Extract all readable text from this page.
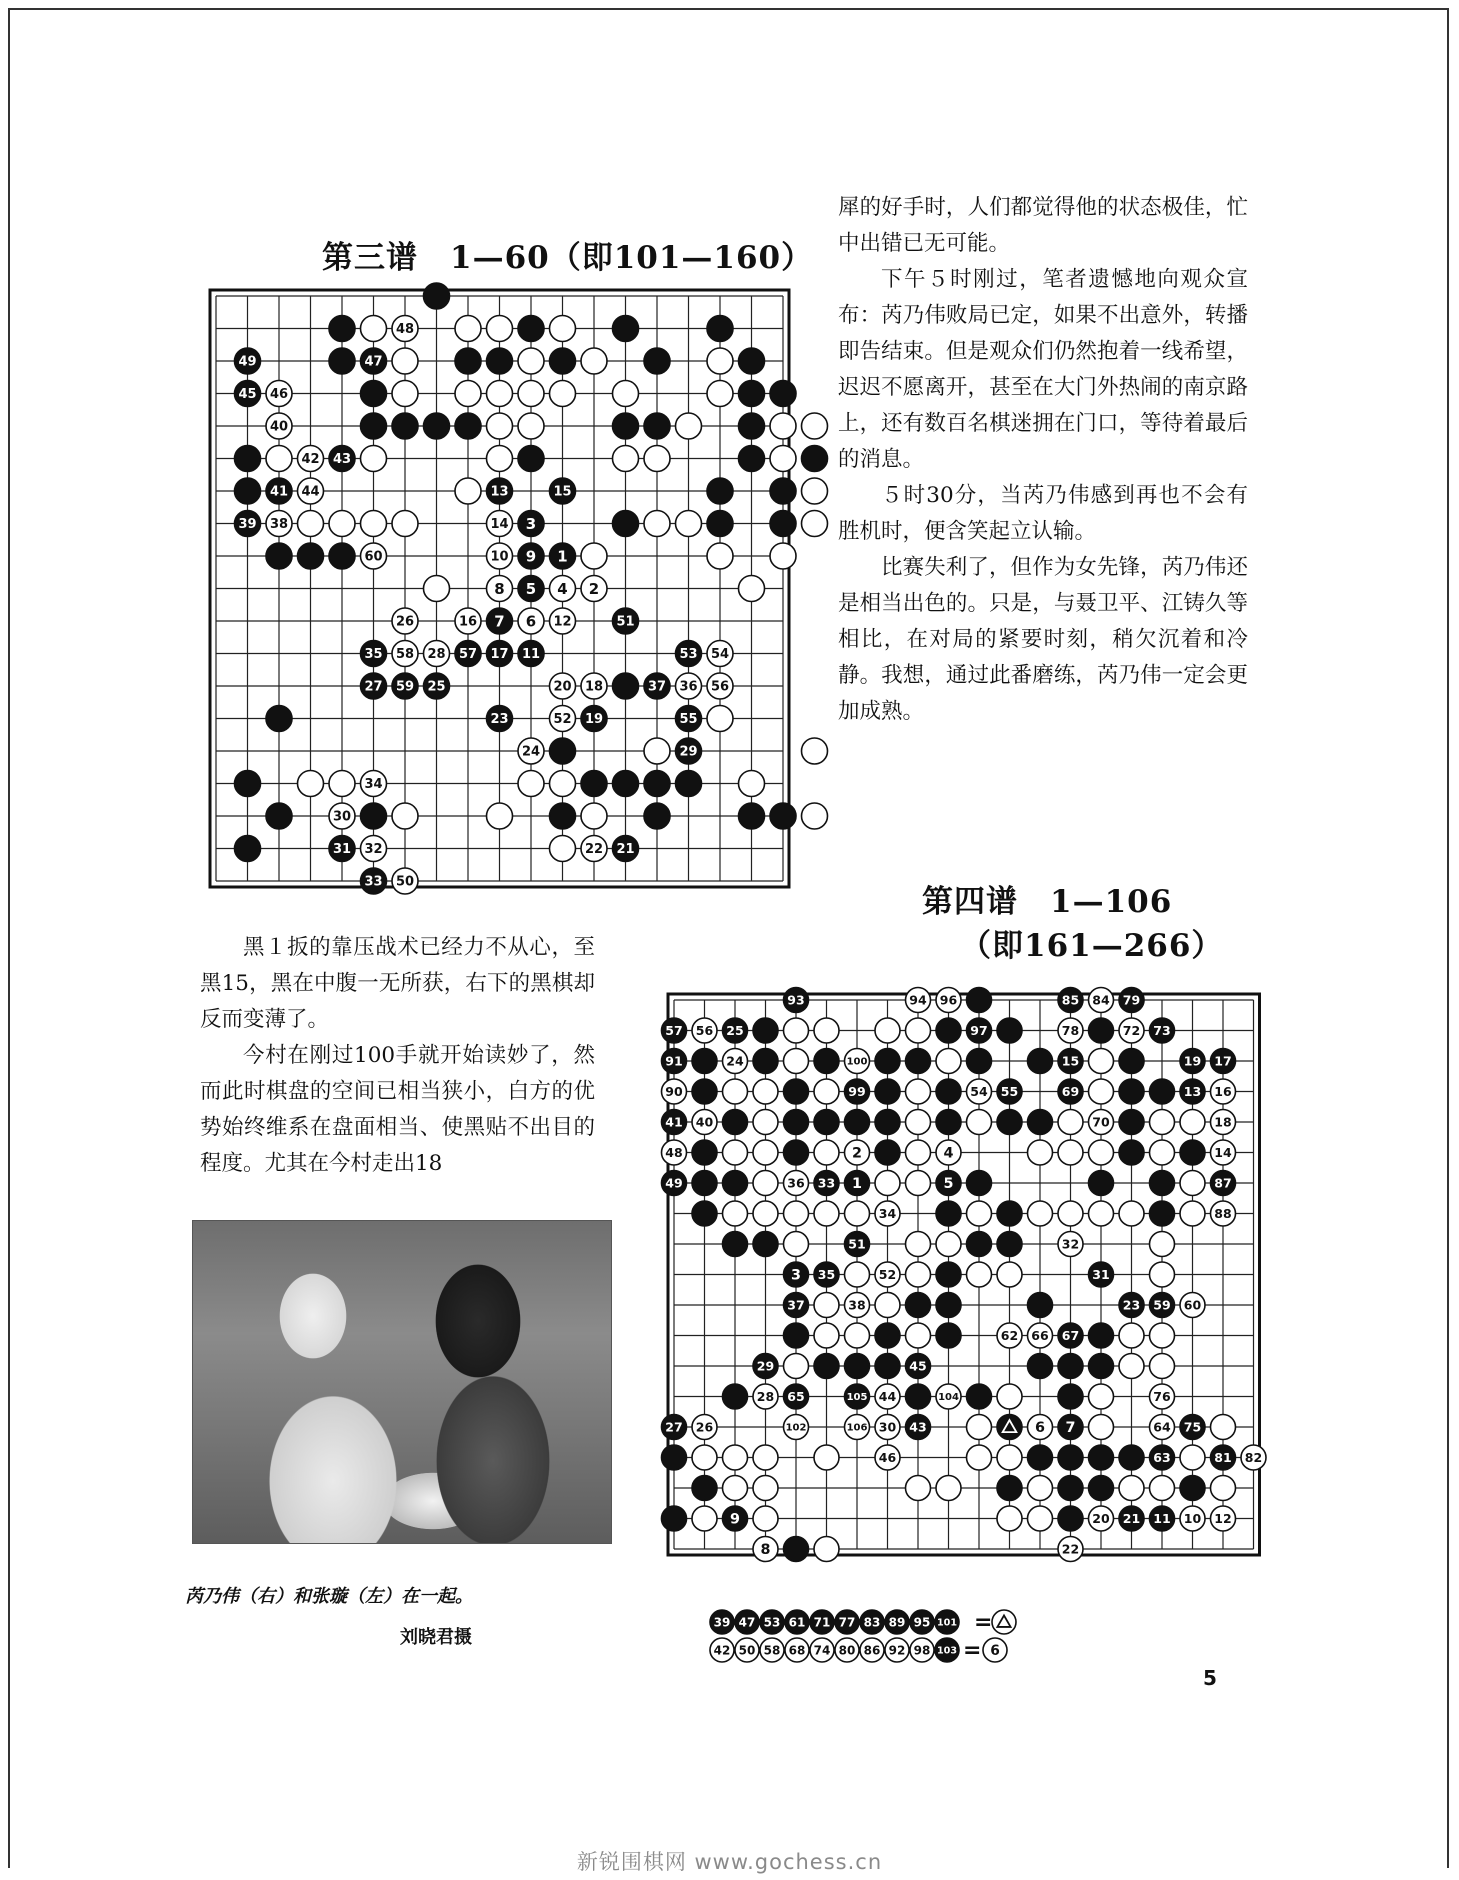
第三谱　1—60（即101—160）
48
49	47
45 46
40
42 43
41 44	13	15
39 38	14 3
60	10 9 1
8 5 4 2
26	16 7 6 12	51
35 58 28 57 17 11	53 54
27 59 25	20 18	37 36 56
23	52 19	55
24	29
34
30
31 32	22 21
33 50

犀的好手时，人们都觉得他的状态极佳，忙中出错已无可能。

下午５时刚过，笔者遗憾地向观众宣布：芮乃伟败局已定，如果不出意外，转播即告结束。但是观众们仍然抱着一线希望，迟迟不愿离开，甚至在大门外热闹的南京路上，还有数百名棋迷拥在门口，等待着最后的消息。

５时30分，当芮乃伟感到再也不会有胜机时，便含笑起立认输。

比赛失利了，但作为女先锋，芮乃伟还是相当出色的。只是，与聂卫平、江铸久等相比，在对局的紧要时刻，稍欠沉着和冷静。我想，通过此番磨练，芮乃伟一定会更加成熟。

黑１扳的靠压战术已经力不从心，至黑15，黑在中腹一无所获，右下的黑棋却反而变薄了。

今村在刚过100手就开始读妙了，然而此时棋盘的空间已相当狭小，白方的优势始终维系在盘面相当、使黑贴不出目的程度。尤其在今村走出18

芮乃伟（右）和张璇（左）在一起。
刘晓君摄
第四谱　1—106
（即161—266）
93	94 96	85 84 79
57 56 25	97	78	72 73
91	24	100	15	19 17
90	99	54 55	69	13 16
41 40	70	18
48	2	4	14
49	36 33 1	5	87
34	88
51	32
3 35	52	31
37	38	23 59 60
62 66 67
29	45
28 65	105 44	104	76
27 26	102	106 30 43	6 7	64 75
46	63	81 82
9	20 21 11 10 12
8	22
39 47 53 61 71 77 83 89 95 101 =
42 50 58 68 74 80 86 92 98 103 = 6
5
新锐围棋网 www.gochess.cn
